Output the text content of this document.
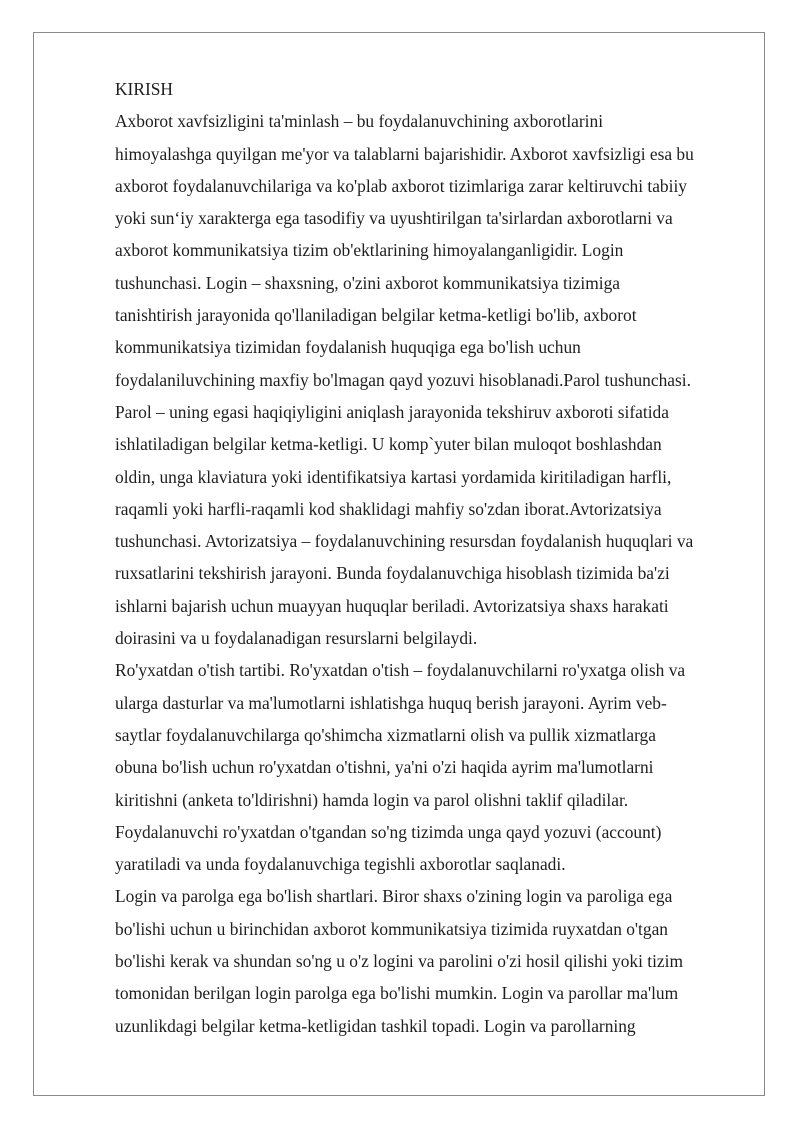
KIRISH
Axborot xavfsizligini ta'minlash – bu foydalanuvchining axborotlarini
himoyalashga quyilgan me'yor va talablarni bajarishidir. Axborot xavfsizligi esa bu
axborot foydalanuvchilariga va ko'plab axborot tizimlariga zarar keltiruvchi tabiiy
yoki sun‘iy xarakterga ega tasodifiy va uyushtirilgan ta'sirlardan axborotlarni va
axborot kommunikatsiya tizim ob'ektlarining himoyalanganligidir. Login
tushunchasi. Login – shaxsning, o'zini axborot kommunikatsiya tizimiga
tanishtirish jarayonida qo'llaniladigan belgilar ketma-ketligi bo'lib, axborot
kommunikatsiya tizimidan foydalanish huquqiga ega bo'lish uchun
foydalaniluvchining maxfiy bo'lmagan qayd yozuvi hisoblanadi.Parol tushunchasi.
Parol – uning egasi haqiqiyligini aniqlash jarayonida tekshiruv axboroti sifatida
ishlatiladigan belgilar ketma-ketligi. U komp`yuter bilan muloqot boshlashdan
oldin, unga klaviatura yoki identifikatsiya kartasi yordamida kiritiladigan harfli,
raqamli yoki harfli-raqamli kod shaklidagi mahfiy so'zdan iborat.Avtorizatsiya
tushunchasi. Avtorizatsiya – foydalanuvchining resursdan foydalanish huquqlari va
ruxsatlarini tekshirish jarayoni. Bunda foydalanuvchiga hisoblash tizimida ba'zi
ishlarni bajarish uchun muayyan huquqlar beriladi. Avtorizatsiya shaxs harakati
doirasini va u foydalanadigan resurslarni belgilaydi.
Ro'yxatdan o'tish tartibi. Ro'yxatdan o'tish – foydalanuvchilarni ro'yxatga olish va
ularga dasturlar va ma'lumotlarni ishlatishga huquq berish jarayoni. Ayrim veb-
saytlar foydalanuvchilarga qo'shimcha xizmatlarni olish va pullik xizmatlarga
obuna bo'lish uchun ro'yxatdan o'tishni, ya'ni o'zi haqida ayrim ma'lumotlarni
kiritishni (anketa to'ldirishni) hamda login va parol olishni taklif qiladilar.
Foydalanuvchi ro'yxatdan o'tgandan so'ng tizimda unga qayd yozuvi (account)
yaratiladi va unda foydalanuvchiga tegishli axborotlar saqlanadi.
Login va parolga ega bo'lish shartlari. Biror shaxs o'zining login va paroliga ega
bo'lishi uchun u birinchidan axborot kommunikatsiya tizimida ruyxatdan o'tgan
bo'lishi kerak va shundan so'ng u o'z logini va parolini o'zi hosil qilishi yoki tizim
tomonidan berilgan login parolga ega bo'lishi mumkin. Login va parollar ma'lum
uzunlikdagi belgilar ketma-ketligidan tashkil topadi. Login va parollarning
